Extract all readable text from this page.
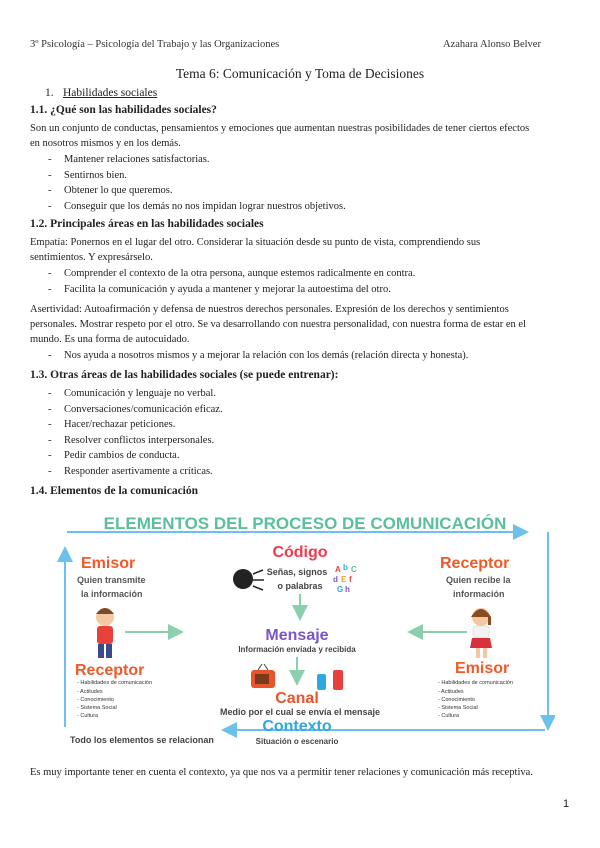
3º Psicología – Psicología del Trabajo y las Organizaciones	Azahara Alonso Belver
Tema 6: Comunicación y Toma de Decisiones
1. Habilidades sociales
1.1. ¿Qué son las habilidades sociales?
Son un conjunto de conductas, pensamientos y emociones que aumentan nuestras posibilidades de tener ciertos efectos
en nosotros mismos y en los demás.
- Mantener relaciones satisfactorias.
- Sentirnos bien.
- Obtener lo que queremos.
- Conseguir que los demás no nos impidan lograr nuestros objetivos.
1.2. Principales áreas en las habilidades sociales
Empatía: Ponernos en el lugar del otro. Considerar la situación desde su punto de vista, comprendiendo sus
sentimientos. Y expresárselo.
- Comprender el contexto de la otra persona, aunque estemos radicalmente en contra.
- Facilita la comunicación y ayuda a mantener y mejorar la autoestima del otro.
Asertividad: Autoafirmación y defensa de nuestros derechos personales. Expresión de los derechos y sentimientos
personales. Mostrar respeto por el otro. Se va desarrollando con nuestra personalidad, con nuestra forma de estar en el
mundo. Es una forma de autocuidado.
- Nos ayuda a nosotros mismos y a mejorar la relación con los demás (relación directa y honesta).
1.3. Otras áreas de las habilidades sociales (se puede entrenar):
- Comunicación y lenguaje no verbal.
- Conversaciones/comunicación eficaz.
- Hacer/rechazar peticiones.
- Resolver conflictos interpersonales.
- Pedir cambios de conducta.
- Responder asertivamente a críticas.
1.4. Elementos de la comunicación
ELEMENTOS DEL PROCESO DE COMUNICACIÓN
Emisor
Quien transmite
la información
Receptor
- Habilidades de comunicación
- Actitudes
- Conocimiento
- Sistema Social
- Cultura
Código
Señas, signos
o palabras
A b C
d E f
G h
Mensaje
Información enviada y recibida
Canal
Medio por el cual se envía el mensaje
Contexto
Situación o escenario
Todo los elementos se relacionan
Receptor
Quien recibe la
información
Emisor
- Habilidades de comunicación
- Actitudes
- Conocimiento
- Sistema Social
- Cultura
Es muy importante tener en cuenta el contexto, ya que nos va a permitir tener relaciones y comunicación más receptiva.
1
